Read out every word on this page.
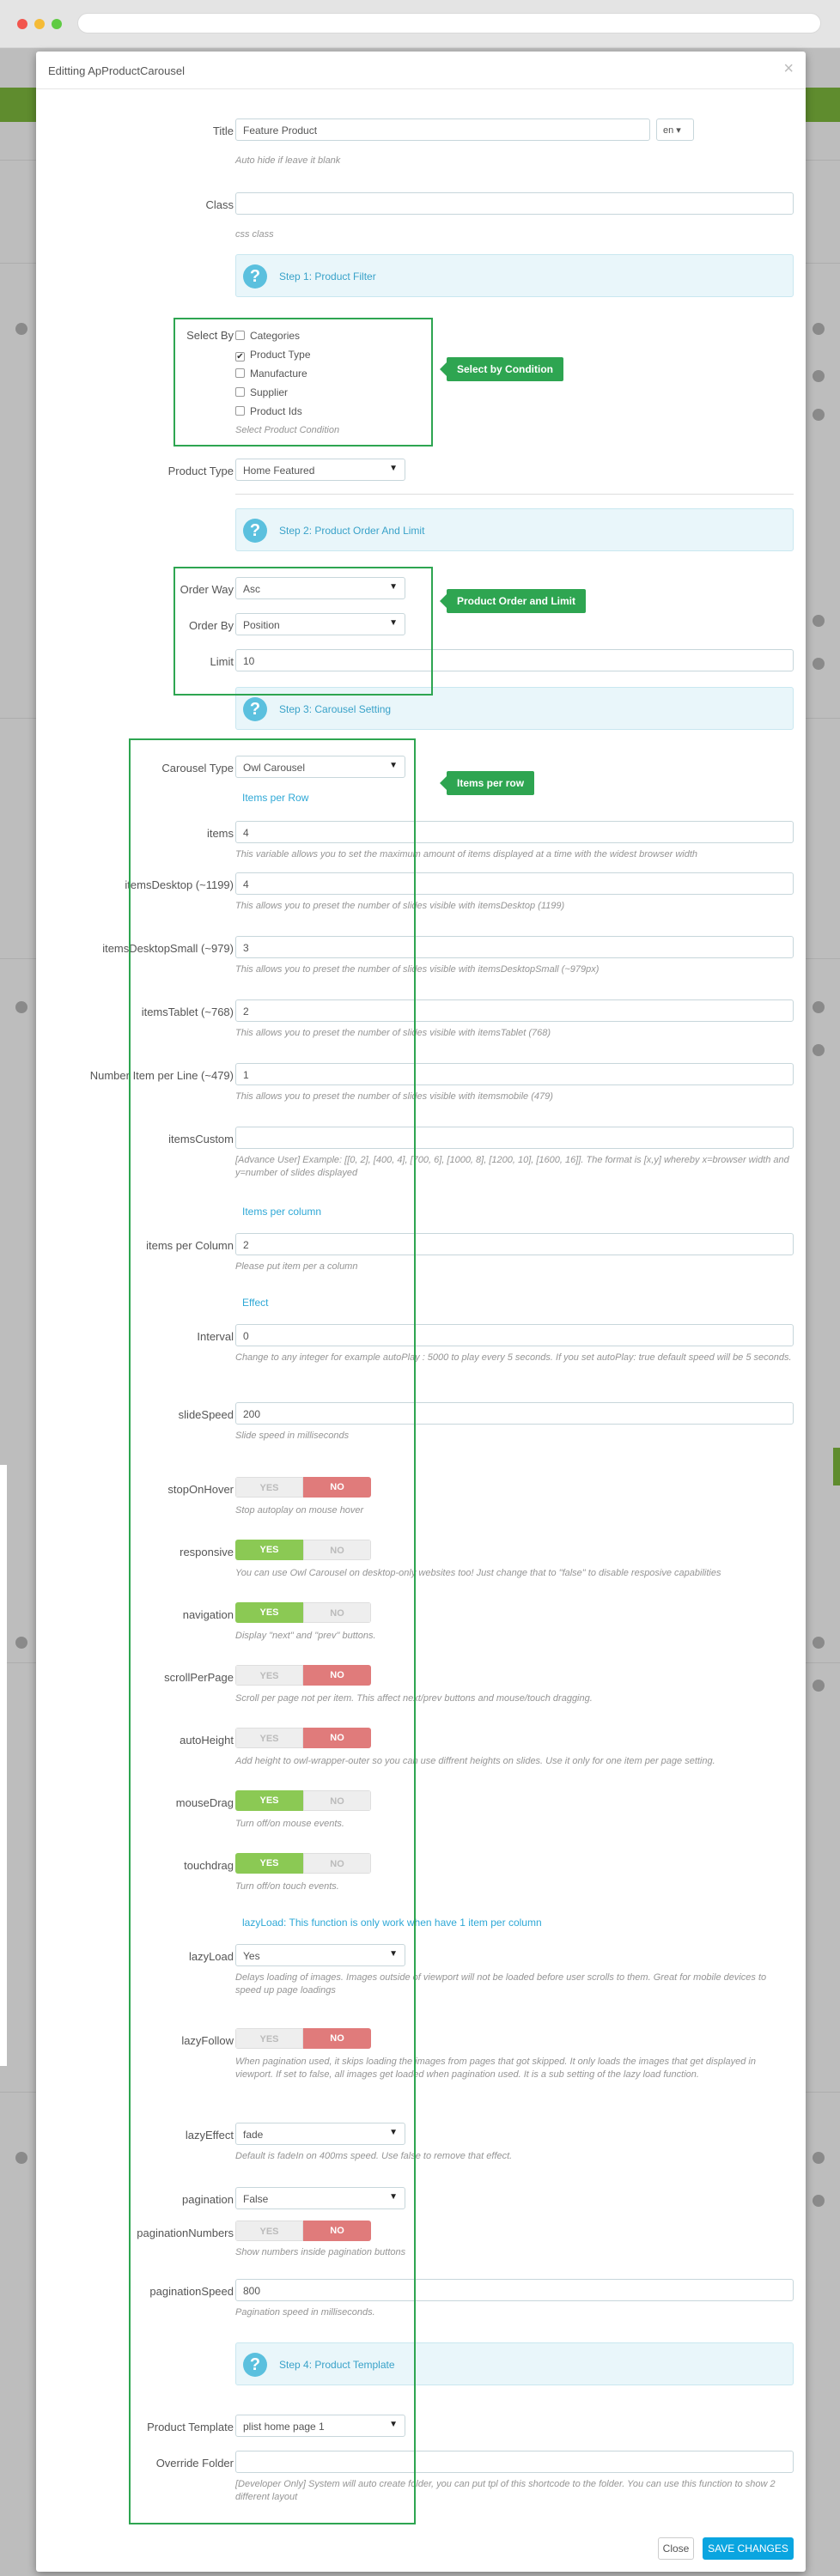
Editting ApProductCarousel	×
Title Feature Product	en ▾
Auto hide if leave it blank
Class
css class
?	Step 1: Product Filter
Select By	Categories
✔ Product Type
Manufacture
Supplier
Product Ids
Select Product Condition
Product Type Home Featured	▼
?	Step 2: Product Order And Limit
Order Way Asc	▼
Order By Position	▼
Limit 10
?	Step 3: Carousel Setting
Carousel Type Owl Carousel	▼
Items per Row
items 4
This variable allows you to set the maximum amount of items displayed at a time with the widest browser width
itemsDesktop (~1199) 4
This allows you to preset the number of slides visible with itemsDesktop (1199)
itemsDesktopSmall (~979) 3
This allows you to preset the number of slides visible with itemsDesktopSmall (~979px)
itemsTablet (~768) 2
This allows you to preset the number of slides visible with itemsTablet (768)
Number Item per Line (~479) 1
This allows you to preset the number of slides visible with itemsmobile (479)
itemsCustom
[Advance User] Example: [[0, 2], [400, 4], [700, 6], [1000, 8], [1200, 10], [1600, 16]]. The format is [x,y] whereby x=browser width and y=number of slides displayed
Items per column
items per Column 2
Please put item per a column
Effect
Interval 0
Change to any integer for example autoPlay : 5000 to play every 5 seconds. If you set autoPlay: true default speed will be 5 seconds.
slideSpeed 200
Slide speed in milliseconds
stopOnHover	YES	NO
Stop autoplay on mouse hover
responsive	YES	NO
You can use Owl Carousel on desktop-only websites too! Just change that to "false" to disable resposive capabilities
navigation	YES	NO
Display "next" and "prev" buttons.
scrollPerPage	YES	NO
Scroll per page not per item. This affect next/prev buttons and mouse/touch dragging.
autoHeight	YES	NO
Add height to owl-wrapper-outer so you can use diffrent heights on slides. Use it only for one item per page setting.
mouseDrag	YES	NO
Turn off/on mouse events.
touchdrag	YES	NO
Turn off/on touch events.
lazyLoad: This function is only work when have 1 item per column
lazyLoad Yes	▼
Delays loading of images. Images outside of viewport will not be loaded before user scrolls to them. Great for mobile devices to speed up page loadings
lazyFollow	YES	NO
When pagination used, it skips loading the images from pages that got skipped. It only loads the images that get displayed in viewport. If set to false, all images get loaded when pagination used. It is a sub setting of the lazy load function.
lazyEffect fade	▼
Default is fadeIn on 400ms speed. Use false to remove that effect.
pagination False	▼
paginationNumbers	YES	NO
Show numbers inside pagination buttons
paginationSpeed 800
Pagination speed in milliseconds.
?	Step 4: Product Template
Product Template plist home page 1	▼
Override Folder
[Developer Only] System will auto create folder, you can put tpl of this shortcode to the folder. You can use this function to show 2 different layout
Close	SAVE CHANGES
Select by Condition
Product Order and Limit
Items per row
